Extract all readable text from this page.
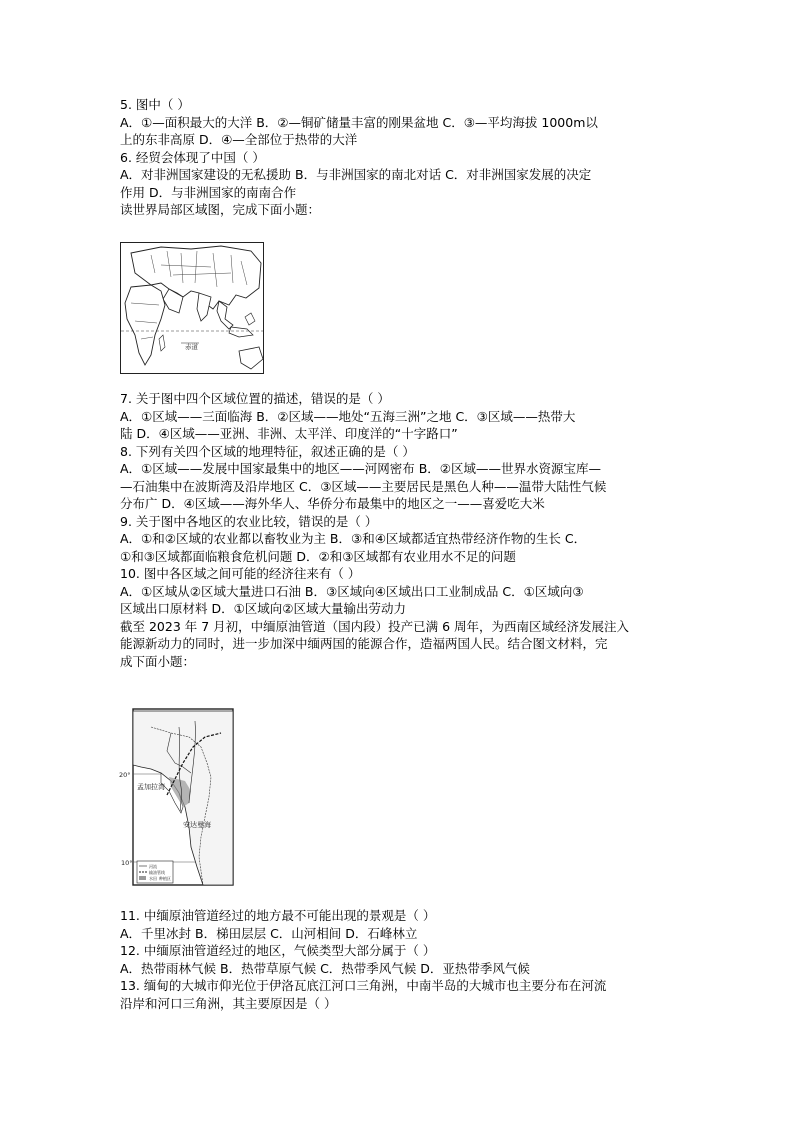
5. 图中（ ）
A．①—面积最大的大洋 B．②—铜矿储量丰富的刚果盆地 C．③—平均海拔 1000m以
上的东非高原 D．④—全部位于热带的大洋
6. 经贸会体现了中国（ ）
A．对非洲国家建设的无私援助 B．与非洲国家的南北对话 C．对非洲国家发展的决定
作用 D．与非洲国家的南南合作
读世界局部区域图，完成下面小题：
赤道
7. 关于图中四个区域位置的描述，错误的是（ ）
A．①区域——三面临海 B．②区域——地处“五海三洲”之地 C．③区域——热带大
陆 D．④区域——亚洲、非洲、太平洋、印度洋的“十字路口”
8. 下列有关四个区域的地理特征，叙述正确的是（ ）
A．①区域——发展中国家最集中的地区——河网密布 B．②区域——世界水资源宝库—
—石油集中在波斯湾及沿岸地区 C．③区域——主要居民是黑色人种——温带大陆性气候
分布广 D．④区域——海外华人、华侨分布最集中的地区之一——喜爱吃大米
9. 关于图中各地区的农业比较，错误的是（ ）
A．①和②区域的农业都以畜牧业为主 B．③和④区域都适宜热带经济作物的生长 C．
①和③区域都面临粮食危机问题 D．②和③区域都有农业用水不足的问题
10. 图中各区域之间可能的经济往来有（ ）
A．①区域从②区域大量进口石油 B．③区域向④区域出口工业制成品 C．①区域向③
区域出口原材料 D．①区域向②区域大量输出劳动力
截至 2023 年 7 月初，中缅原油管道（国内段）投产已满 6 周年，为西南区域经济发展注入
能源新动力的同时，进一步加深中缅两国的能源合作，造福两国人民。结合图文材料，完
成下面小题：
20°
10°
孟加拉湾
安达曼海
河流
输油管线
水田 种植区
11. 中缅原油管道经过的地方最不可能出现的景观是（ ）
A．千里冰封 B．梯田层层 C．山河相间 D．石峰林立
12. 中缅原油管道经过的地区，气候类型大部分属于（ ）
A．热带雨林气候 B．热带草原气候 C．热带季风气候 D．亚热带季风气候
13. 缅甸的大城市仰光位于伊洛瓦底江河口三角洲，中南半岛的大城市也主要分布在河流
沿岸和河口三角洲，其主要原因是（ ）
